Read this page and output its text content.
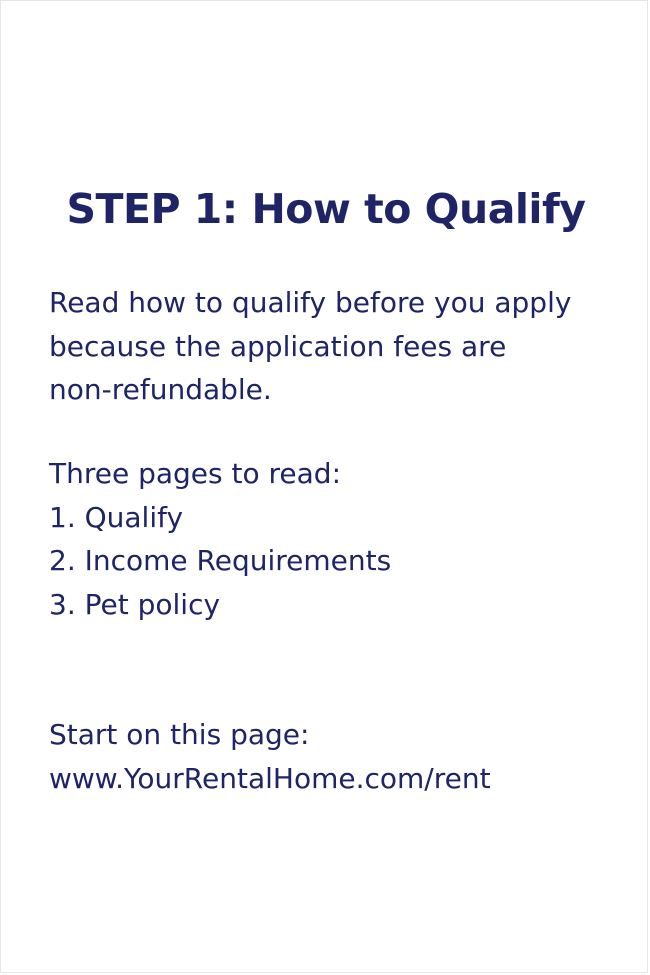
STEP 1: How to Qualify
Read how to qualify before you apply
because the application fees are
non-refundable.
Three pages to read:
1. Qualify
2. Income Requirements
3. Pet policy
Start on this page:
www.YourRentalHome.com/rent
